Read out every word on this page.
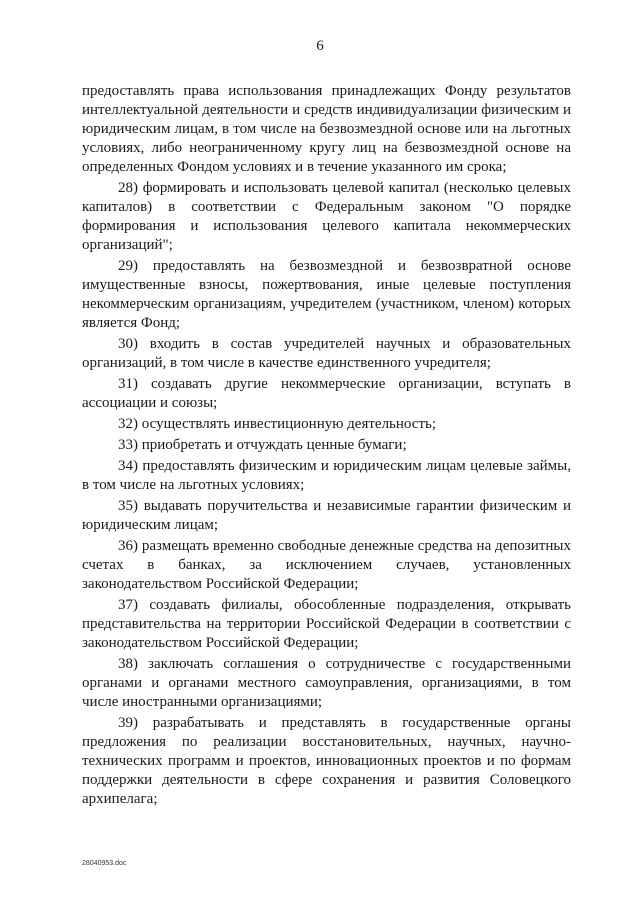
6

предоставлять права использования принадлежащих Фонду результатов интеллектуальной деятельности и средств индивидуализации физическим и юридическим лицам, в том числе на безвозмездной основе или на льготных условиях, либо неограниченному кругу лиц на безвозмездной основе на определенных Фондом условиях и в течение указанного им срока;

28) формировать и использовать целевой капитал (несколько целевых капиталов) в соответствии с Федеральным законом "О порядке формирования и использования целевого капитала некоммерческих организаций";

29) предоставлять на безвозмездной и безвозвратной основе имущественные взносы, пожертвования, иные целевые поступления некоммерческим организациям, учредителем (участником, членом) которых является Фонд;

30) входить в состав учредителей научных и образовательных организаций, в том числе в качестве единственного учредителя;

31) создавать другие некоммерческие организации, вступать в ассоциации и союзы;

32) осуществлять инвестиционную деятельность;

33) приобретать и отчуждать ценные бумаги;

34) предоставлять физическим и юридическим лицам целевые займы, в том числе на льготных условиях;

35) выдавать поручительства и независимые гарантии физическим и юридическим лицам;

36) размещать временно свободные денежные средства на депозитных счетах в банках, за исключением случаев, установленных законодательством Российской Федерации;

37) создавать филиалы, обособленные подразделения, открывать представительства на территории Российской Федерации в соответствии с законодательством Российской Федерации;

38) заключать соглашения о сотрудничестве с государственными органами и органами местного самоуправления, организациями, в том числе иностранными организациями;

39) разрабатывать и представлять в государственные органы предложения по реализации восстановительных, научных, научно-технических программ и проектов, инновационных проектов и по формам поддержки деятельности в сфере сохранения и развития Соловецкого архипелага;

28040953.doc
